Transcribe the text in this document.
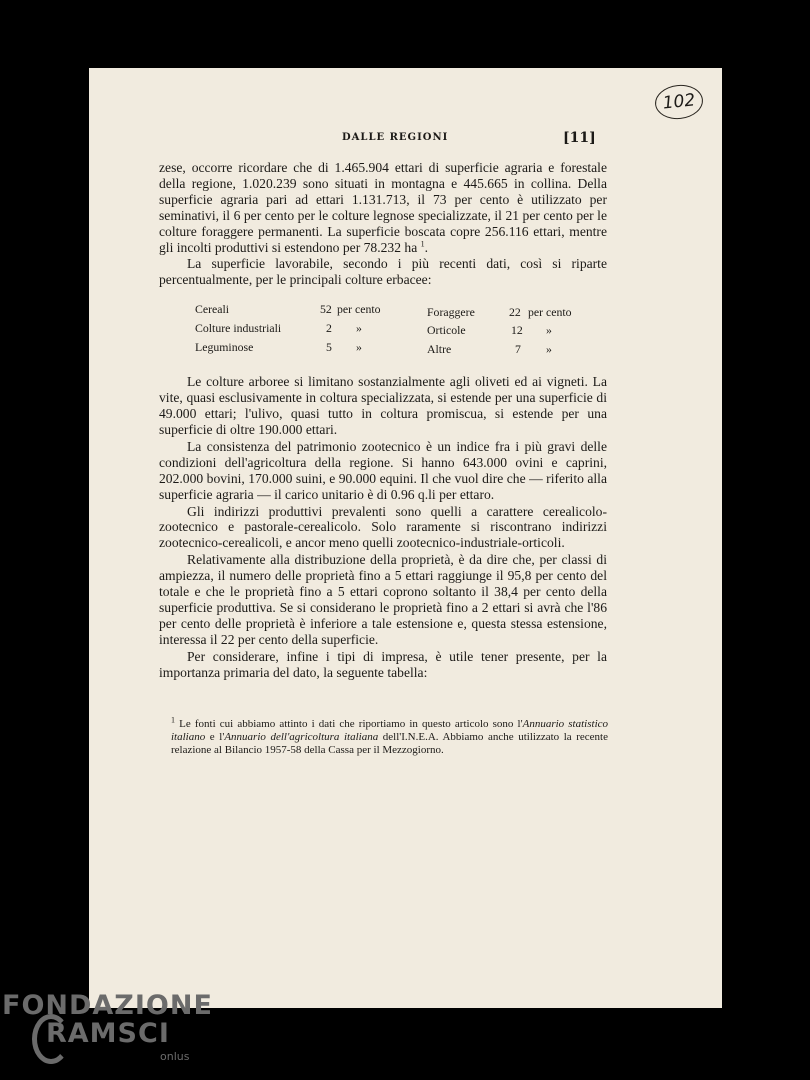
102
DALLE REGIONI	[11]

zese, occorre ricordare che di 1.465.904 ettari di superficie agraria e forestale della regione, 1.020.239 sono situati in montagna e 445.665 in collina. Della superficie agraria pari ad ettari 1.131.713, il 73 per cento è utilizzato per seminativi, il 6 per cento per le colture legnose specializzate, il 21 per cento per le colture foraggere permanenti. La superficie boscata copre 256.116 ettari, mentre gli incolti produttivi si estendono per 78.232 ha $^1$.

La superficie lavorabile, secondo i più recenti dati, così si riparte percentualmente, per le principali colture erbacee:

Cereali	52 per cento
Colture industriali	2 »
Leguminose	5 »
Foraggere	22 per cento
Orticole	12 »
Altre	7 »

Le colture arboree si limitano sostanzialmente agli oliveti ed ai vigneti. La vite, quasi esclusivamente in coltura specializzata, si estende per una superficie di 49.000 ettari; l'ulivo, quasi tutto in coltura promiscua, si estende per una superficie di oltre 190.000 ettari.

La consistenza del patrimonio zootecnico è un indice fra i più gravi delle condizioni dell'agricoltura della regione. Si hanno 643.000 ovini e caprini, 202.000 bovini, 170.000 suini, e 90.000 equini. Il che vuol dire che — riferito alla superficie agraria — il carico unitario è di 0.96 q.li per ettaro.

Gli indirizzi produttivi prevalenti sono quelli a carattere cerealicolo-zootecnico e pastorale-cerealicolo. Solo raramente si riscontrano indirizzi zootecnico-cerealicoli, e ancor meno quelli zootecnico-industriale-orticoli.

Relativamente alla distribuzione della proprietà, è da dire che, per classi di ampiezza, il numero delle proprietà fino a 5 ettari raggiunge il 95,8 per cento del totale e che le proprietà fino a 5 ettari coprono soltanto il 38,4 per cento della superficie produttiva. Se si considerano le proprietà fino a 2 ettari si avrà che l'86 per cento delle proprietà è inferiore a tale estensione e, questa stessa estensione, interessa il 22 per cento della superficie.

Per considerare, infine i tipi di impresa, è utile tener presente, per la importanza primaria del dato, la seguente tabella:

$^1$ Le fonti cui abbiamo attinto i dati che riportiamo in questo articolo sono l'Annuario statistico italiano e l'Annuario dell'agricoltura italiana dell'I.N.E.A. Abbiamo anche utilizzato la recente relazione al Bilancio 1957-58 della Cassa per il Mezzogiorno.
FONDAZIONE
RAMSCI
onlus
